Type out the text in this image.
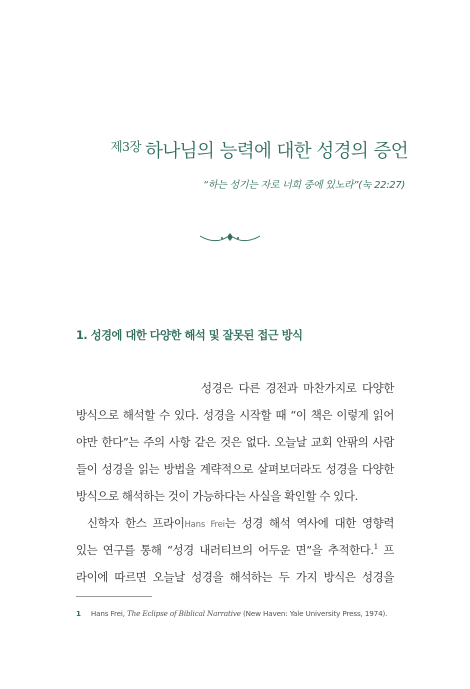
$^{제3장}$ 하나님의 능력에 대한 성경의 증언
“하는 성기는 자로 너희 중에 있노라”(눅 22:27)
1. 성경에 대한 다양한 해석 및 잘못된 접근 방식
성경은 다른 경전과 마찬가지로 다양한
방식으로 해석할 수 있다. 성경을 시작할 때 “이 책은 이렇게 읽어
야만 한다”는 주의 사항 같은 것은 없다. 오늘날 교회 안팎의 사람
들이 성경을 읽는 방법을 계략적으로 살펴보더라도 성경을 다양한
방식으로 해석하는 것이 가능하다는 사실을 확인할 수 있다.
신학자 한스 프라이Hans Frei는 성경 해석 역사에 대한 영향력
있는 연구를 통해 “성경 내러티브의 어두운 면”을 추적한다.$^1$ 프
라이에 따르면 오늘날 성경을 해석하는 두 가지 방식은 성경을
1 Hans Frei, The Eclipse of Biblical Narrative (New Haven: Yale University Press, 1974).
